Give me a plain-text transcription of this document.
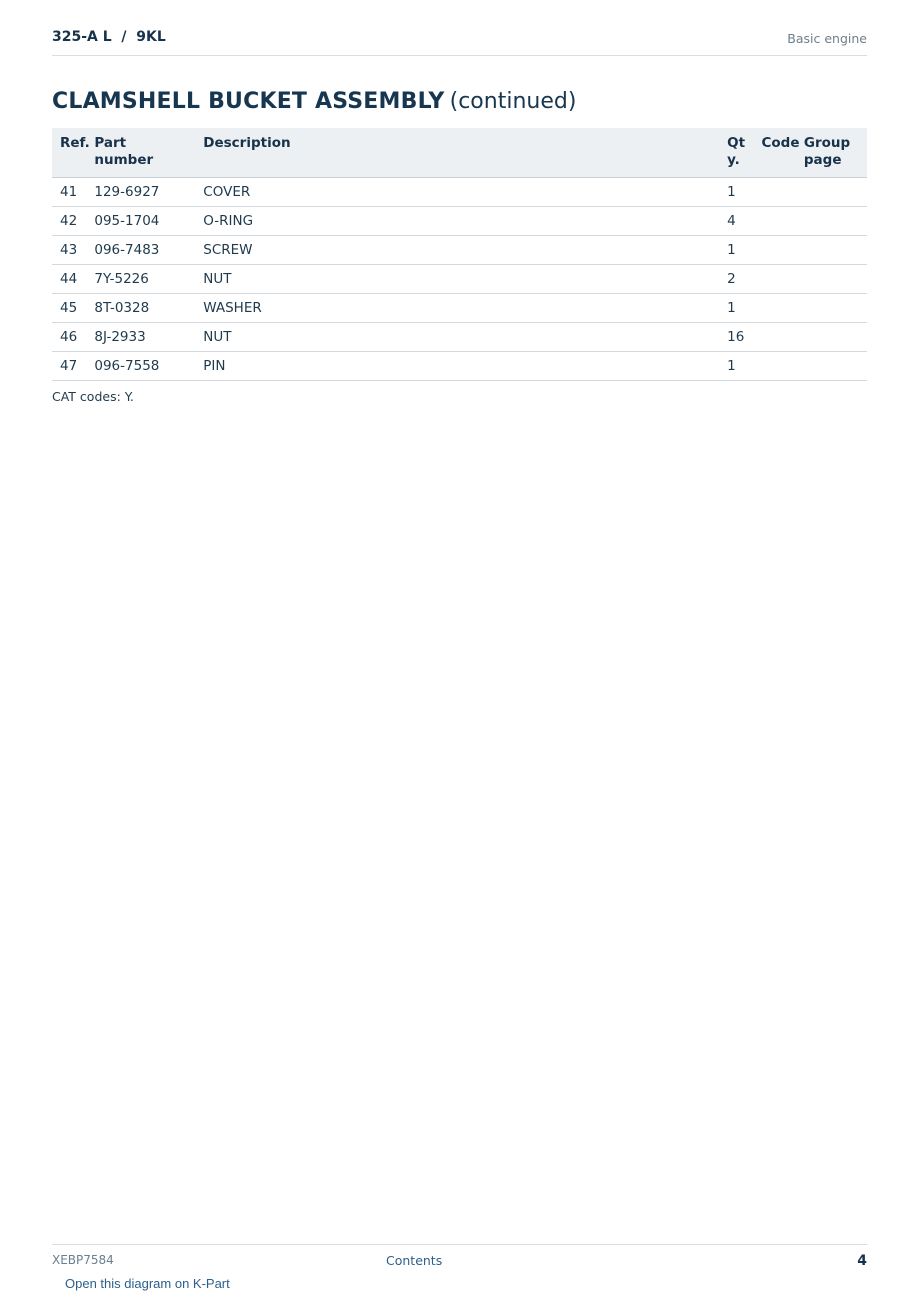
325-A L  /  9KL	Basic engine
CLAMSHELL BUCKET ASSEMBLY (continued)
Ref.	Part number	Description	Qty.	Code	Group page
41	129-6927	COVER	1		
42	095-1704	O-RING	4		
43	096-7483	SCREW	1		
44	7Y-5226	NUT	2		
45	8T-0328	WASHER	1		
46	8J-2933	NUT	16		
47	096-7558	PIN	1		
CAT codes: Y.
XEBP7584	Contents	4
Open this diagram on K-Part
